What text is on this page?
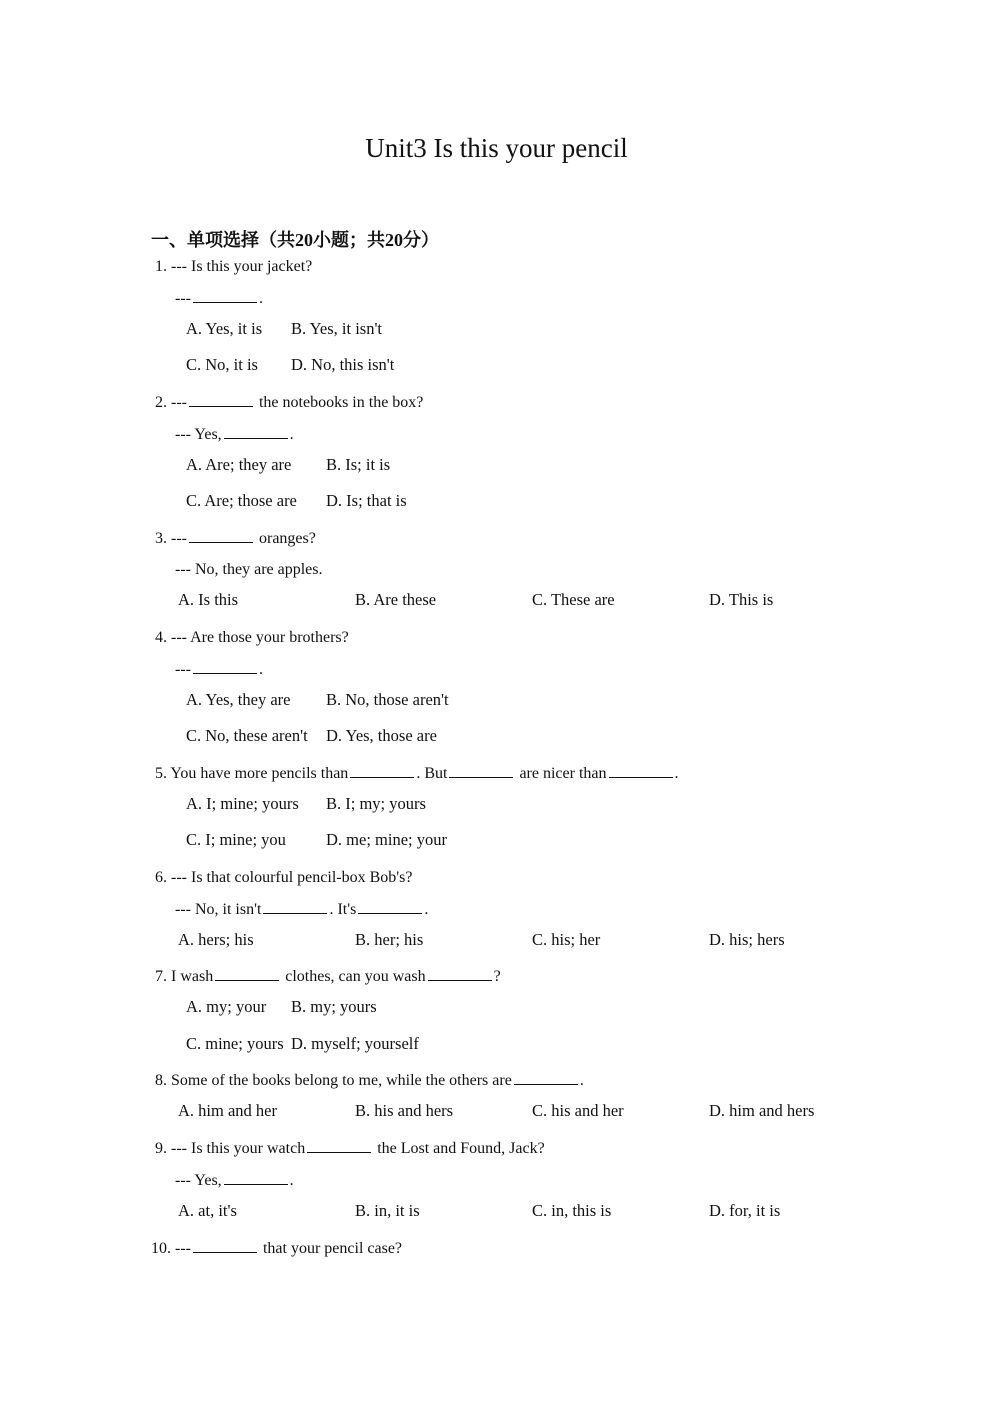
Unit3 Is this your pencil
一、单项选择（共20小题；共20分）
1. --- Is this your jacket?
---	.
A. Yes, it is B. Yes, it isn't
C. No, it is D. No, this isn't
2. ---	the notebooks in the box?
--- Yes,	.
A. Are; they are B. Is; it is
C. Are; those are D. Is; that is
3. ---	oranges?
--- No, they are apples.
A. Is this	B. Are these	C. These are	D. This is
4. --- Are those your brothers?
---	.
A. Yes, they are B. No, those aren't
C. No, these aren't D. Yes, those are
5. You have more pencils than	. But	are nicer than	.
A. I; mine; yours B. I; my; yours
C. I; mine; you D. me; mine; your
6. --- Is that colourful pencil-box Bob's?
--- No, it isn't	. It's	.
A. hers; his	B. her; his	C. his; her	D. his; hers
7. I wash	clothes, can you wash	?
A. my; your B. my; yours
C. mine; yours D. myself; yourself
8. Some of the books belong to me, while the others are	.
A. him and her	B. his and hers	C. his and her	D. him and hers
9. --- Is this your watch	the Lost and Found, Jack?
--- Yes,	.
A. at, it's	B. in, it is	C. in, this is	D. for, it is
10. ---	that your pencil case?
